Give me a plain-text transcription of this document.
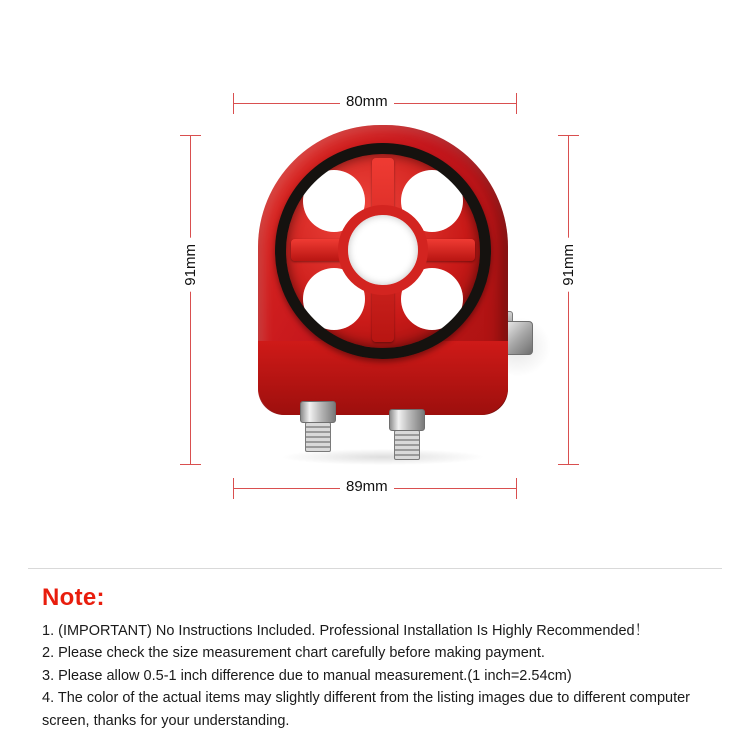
80mm
91mm	91mm
89mm
Note:

1. (IMPORTANT) No Instructions Included. Professional Installation Is Highly Recommended！

2. Please check the size measurement chart carefully before making payment.

3. Please allow 0.5-1 inch difference due to manual measurement.(1 inch=2.54cm)

4. The color of the actual items may slightly different from the listing images due to different computer screen, thanks for your understanding.
